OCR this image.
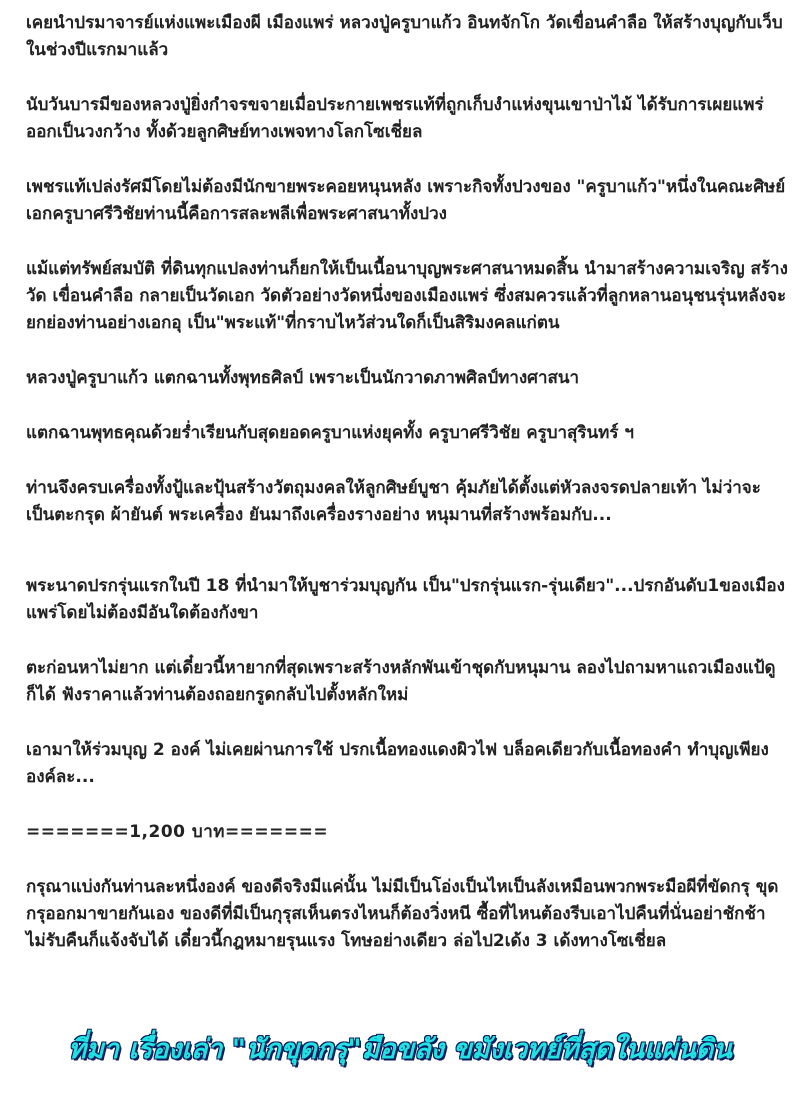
เคยนำปรมาจารย์แห่งแพะเมืองผี เมืองแพร่ หลวงปู่ครูบาแก้ว อินทจักโก วัดเขื่อนคำลือ ให้สร้างบุญกับเว็บในช่วงปีแรกมาแล้ว

นับวันบารมีของหลวงปู่ยิ่งกำจรขจายเมื่อประกายเพชรแท้ที่ถูกเก็บงำแห่งขุนเขาป่าไม้ ได้รับการเผยแพร่ออกเป็นวงกว้าง ทั้งด้วยลูกศิษย์ทางเพจทางโลกโซเชี่ยล

เพชรแท้เปล่งรัศมีโดยไม่ต้องมีนักขายพระคอยหนุนหลัง เพราะกิจทั้งปวงของ "ครูบาแก้ว"หนึ่งในคณะศิษย์เอกครูบาศรีวิชัยท่านนี้คือการสละพลีเพื่อพระศาสนาทั้งปวง

แม้แต่ทรัพย์สมบัติ ที่ดินทุกแปลงท่านก็ยกให้เป็นเนื้อนาบุญพระศาสนาหมดสิ้น นำมาสร้างความเจริญ สร้างวัด เขื่อนคำลือ กลายเป็นวัดเอก วัดตัวอย่างวัดหนึ่งของเมืองแพร่ ซึ่งสมควรแล้วที่ลูกหลานอนุชนรุ่นหลังจะยกย่องท่านอย่างเอกอุ เป็น"พระแท้"ที่กราบไหว้ส่วนใดก็เป็นสิริมงคลแก่ตน

หลวงปู่ครูบาแก้ว แตกฉานทั้งพุทธศิลป์ เพราะเป็นนักวาดภาพศิลป์ทางศาสนา

แตกฉานพุทธคุณด้วยร่ำเรียนกับสุดยอดครูบาแห่งยุคทั้ง ครูบาศรีวิชัย ครูบาสุรินทร์ ฯ

ท่านจึงครบเครื่องทั้งปู้และปุ้นสร้างวัตถุมงคลให้ลูกศิษย์บูชา คุ้มภัยได้ตั้งแต่หัวลงจรดปลายเท้า ไม่ว่าจะเป็นตะกรุด ผ้ายันต์ พระเครื่อง ยันมาถึงเครื่องรางอย่าง หนุมานที่สร้างพร้อมกับ...

พระนาดปรกรุ่นแรกในปี 18 ที่นำมาให้บูชาร่วมบุญกัน เป็น"ปรกรุ่นแรก-รุ่นเดียว"...ปรกอันดับ1ของเมืองแพร่โดยไม่ต้องมีอันใดต้องกังขา

ตะก่อนหาไม่ยาก แต่เดี๋ยวนี้หายากที่สุดเพราะสร้างหลักพันเข้าชุดกับหนุมาน ลองไปถามหาแถวเมืองแป้ดูก็ได้ ฟังราคาแล้วท่านต้องถอยกรูดกลับไปตั้งหลักใหม่

เอามาให้ร่วมบุญ 2 องค์ ไม่เคยผ่านการใช้ ปรกเนื้อทองแดงผิวไฟ บล็อคเดียวกับเนื้อทองคำ ทำบุญเพียงองค์ละ...

=======1,200 บาท=======

กรุณาแบ่งกันท่านละหนึ่งองค์ ของดีจริงมีแค่นั้น ไม่มีเป็นโอ่งเป็นไหเป็นลังเหมือนพวกพระมือผีที่ขัดกรุ ขุดกรุออกมาขายกันเอง ของดีที่มีเป็นกุรุสเห็นตรงไหนก็ต้องวิ่งหนี ซื้อที่ไหนต้องรีบเอาไปคืนที่นั่นอย่าชักช้า ไม่รับคืนก็แจ้งจับได้ เดี๋ยวนี้กฎหมายรุนแรง โทษอย่างเดียว ล่อไป2เด้ง 3 เด้งทางโซเชี่ยล

ที่มา เรื่องเล่า "นักขุดกรุ"มือขลัง ขมังเวทย์ที่สุดในแผ่นดิน
